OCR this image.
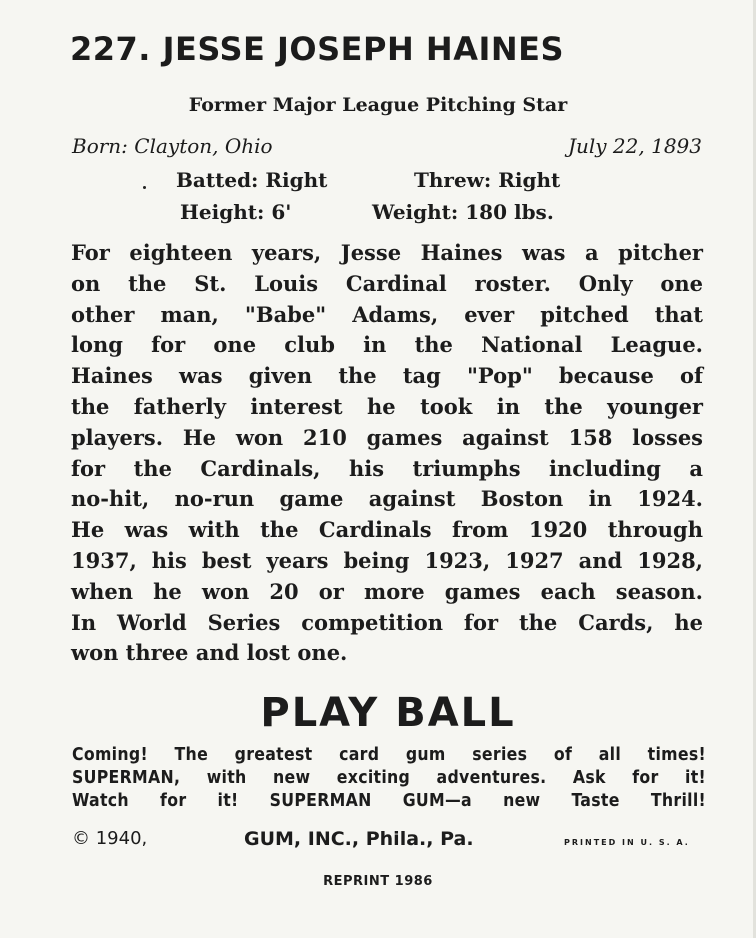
227. JESSE JOSEPH HAINES
Former Major League Pitching Star
Born: Clayton, Ohio	July 22, 1893
Batted: Right	Threw: Right
Height: 6'	Weight: 180 lbs.
For eighteen years, Jesse Haines was a pitcher
on the St. Louis Cardinal roster. Only one
other man, "Babe" Adams, ever pitched that
long for one club in the National League.
Haines was given the tag "Pop" because of
the fatherly interest he took in the younger
players. He won 210 games against 158 losses
for the Cardinals, his triumphs including a
no-hit, no-run game against Boston in 1924.
He was with the Cardinals from 1920 through
1937, his best years being 1923, 1927 and 1928,
when he won 20 or more games each season.
In World Series competition for the Cards, he
won three and lost one.
PLAY BALL
Coming! The greatest card gum series of all times!
SUPERMAN, with new exciting adventures. Ask for it!
Watch for it! SUPERMAN GUM—a new Taste Thrill!
© 1940,	GUM, INC., Phila., Pa.	PRINTED IN U. S. A.
REPRINT 1986
